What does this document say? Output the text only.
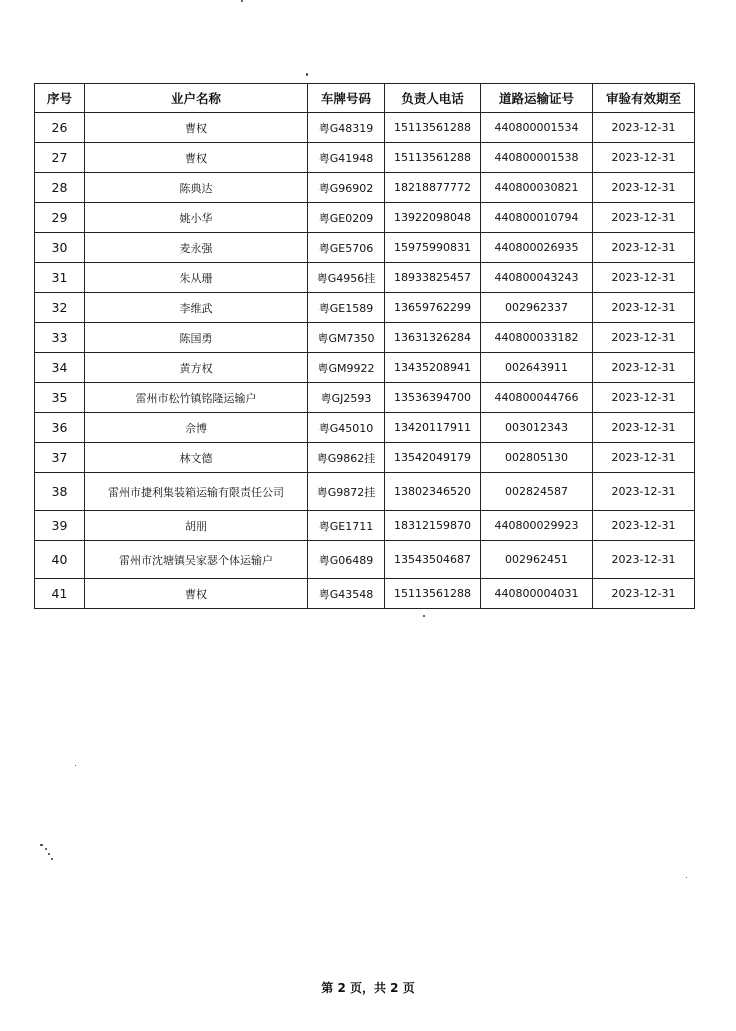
序号	业户名称	车牌号码	负责人电话	道路运输证号	审验有效期至
26	曹权	粤G48319	15113561288	440800001534	2023-12-31
27	曹权	粤G41948	15113561288	440800001538	2023-12-31
28	陈典达	粤G96902	18218877772	440800030821	2023-12-31
29	姚小华	粤GE0209	13922098048	440800010794	2023-12-31
30	麦永强	粤GE5706	15975990831	440800026935	2023-12-31
31	朱从珊	粤G4956挂	18933825457	440800043243	2023-12-31
32	李维武	粤GE1589	13659762299	002962337	2023-12-31
33	陈国勇	粤GM7350	13631326284	440800033182	2023-12-31
34	黄方权	粤GM9922	13435208941	002643911	2023-12-31
35	雷州市松竹镇铭隆运输户	粤GJ2593	13536394700	440800044766	2023-12-31
36	佘博	粤G45010	13420117911	003012343	2023-12-31
37	林文德	粤G9862挂	13542049179	002805130	2023-12-31
38	雷州市捷利集装箱运输有限责任公司	粤G9872挂	13802346520	002824587	2023-12-31
39	胡朋	粤GE1711	18312159870	440800029923	2023-12-31
40	雷州市沈塘镇吴家瑟个体运输户	粤G06489	13543504687	002962451	2023-12-31
41	曹权	粤G43548	15113561288	440800004031	2023-12-31
第 2 页，共 2 页
